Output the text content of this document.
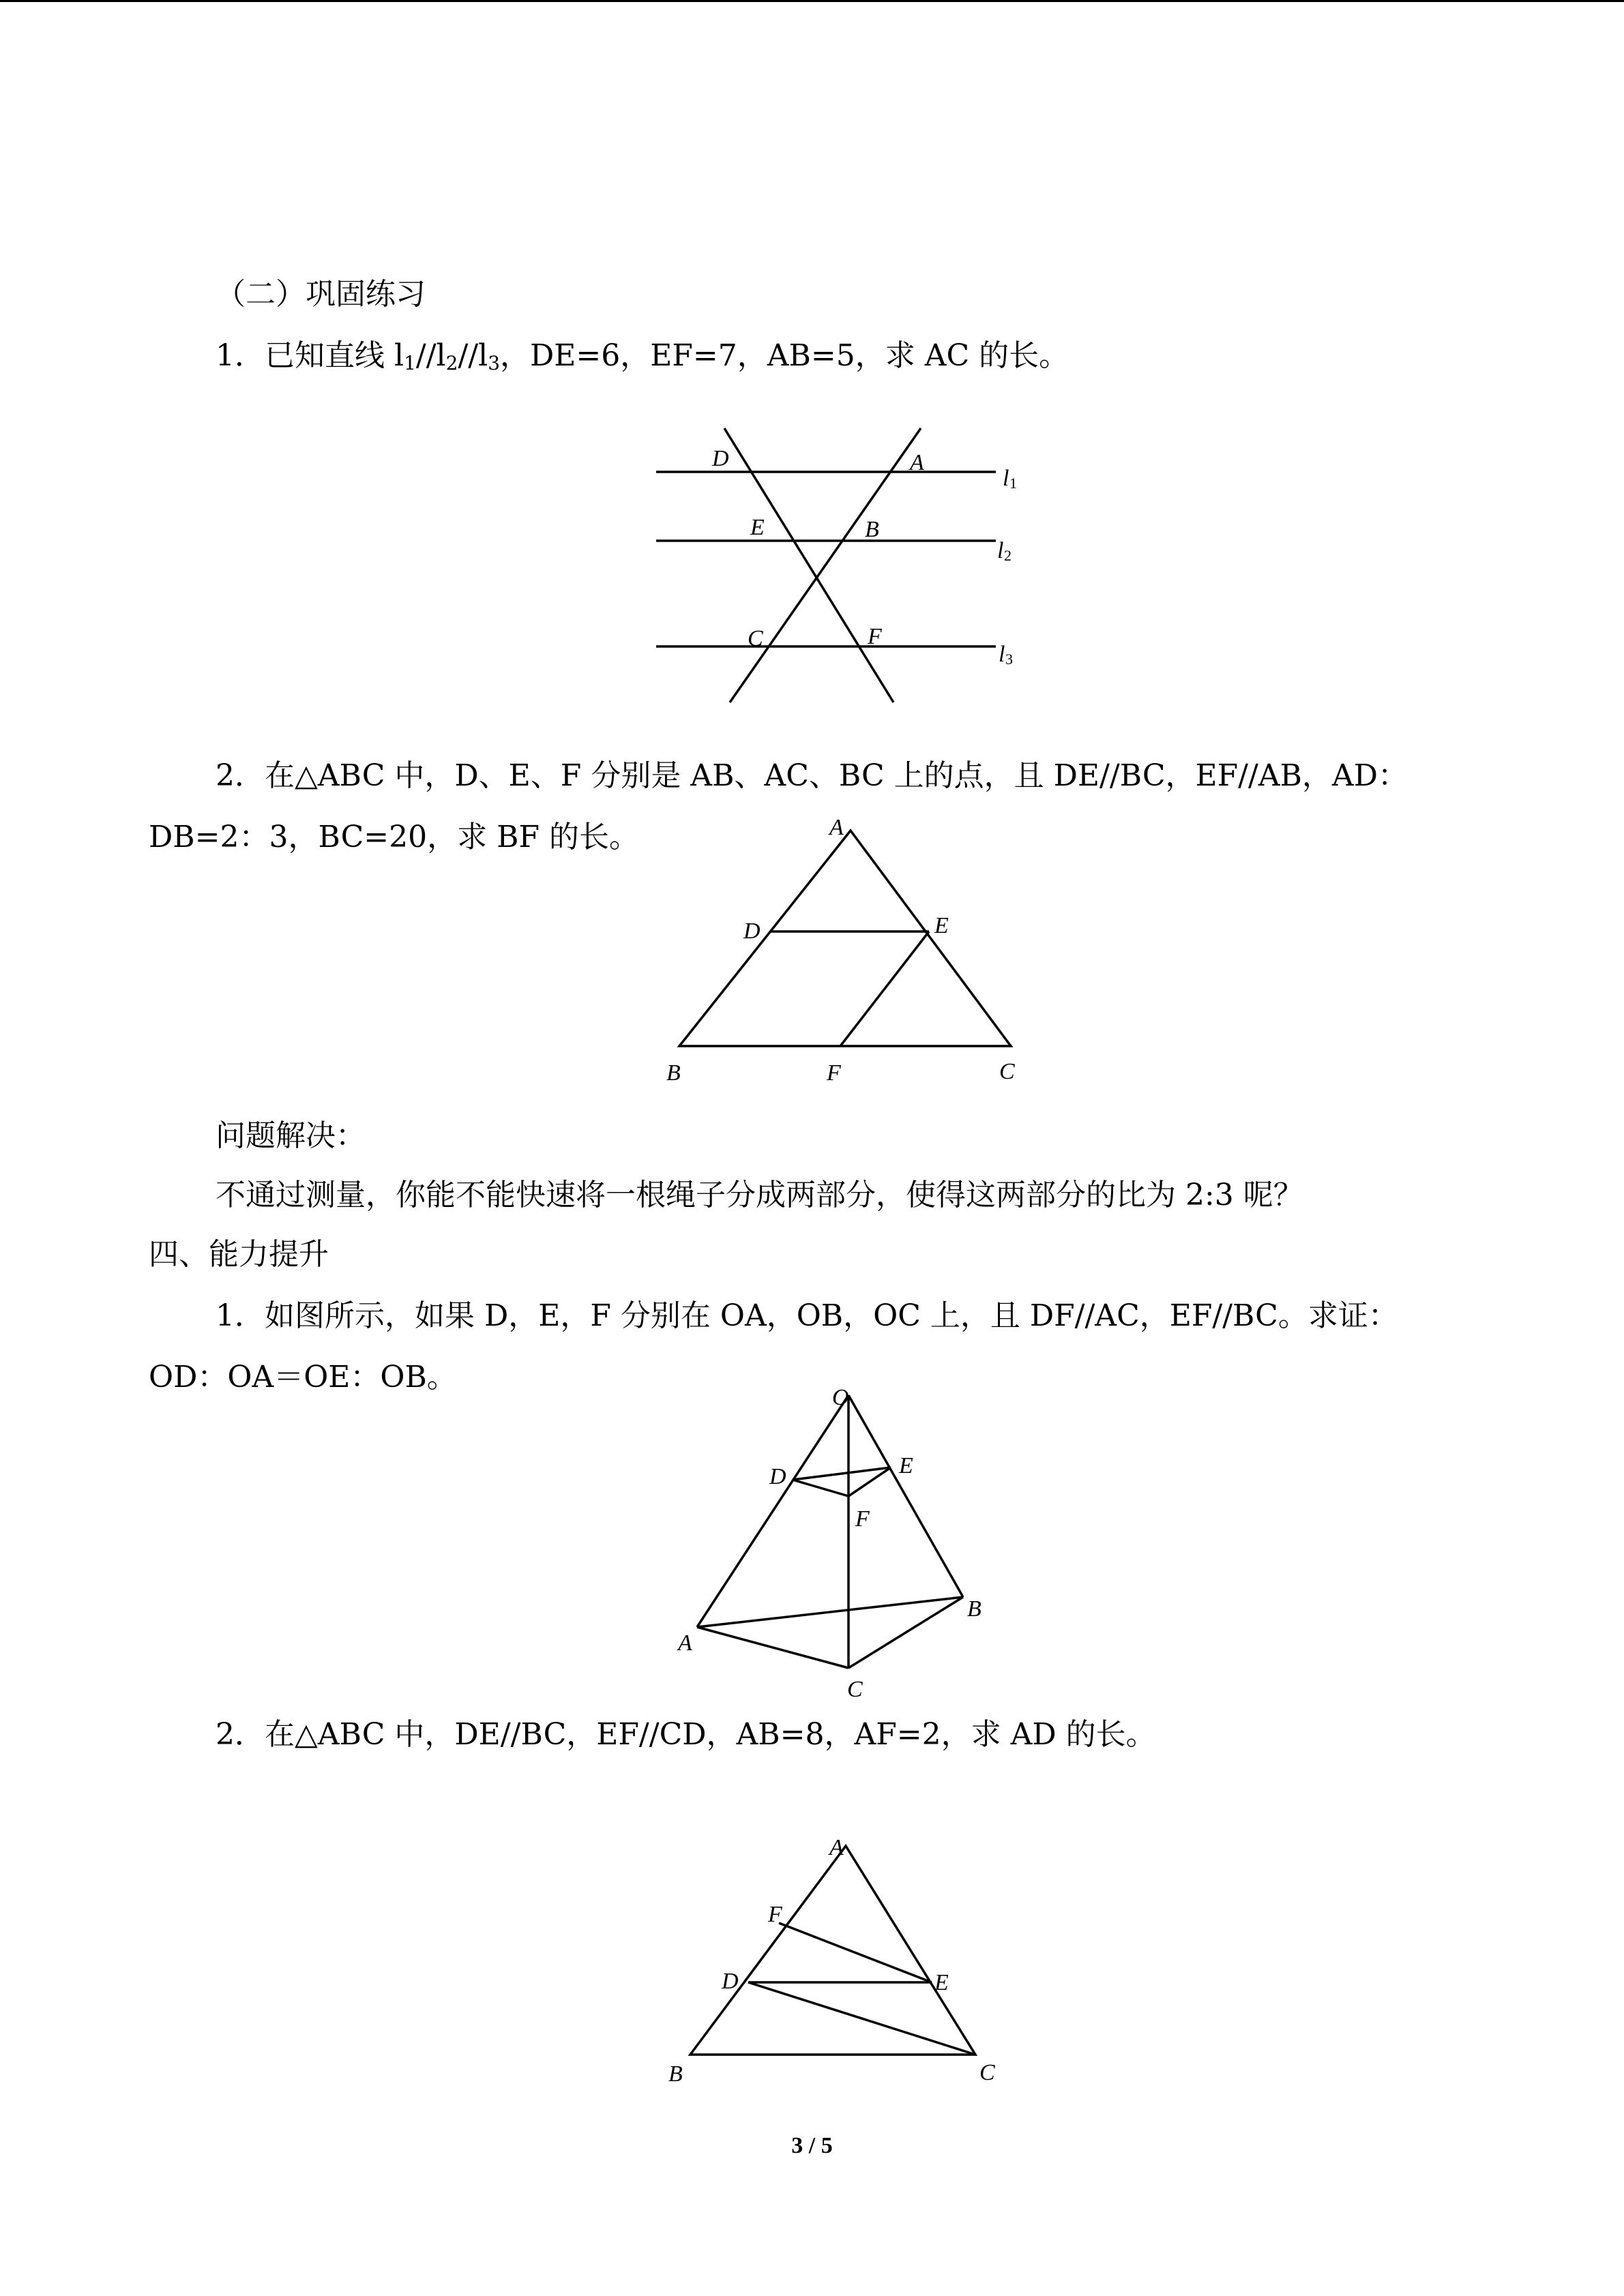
（二）巩固练习
1．已知直线 $l_1//l_2//l_3$，DE=6，EF=7，AB=5，求 AC 的长。
D	A
E	B
C	F
l 1
l 2
l 3
2．在△ABC 中，D、E、F 分别是 AB、AC、BC 上的点，且 DE//BC，EF//AB，AD：
DB=2：3，BC=20，求 BF 的长。	A
D	E
B	F	C
问题解决：
不通过测量，你能不能快速将一根绳子分成两部分，使得这两部分的比为 2:3 呢？
四、能力提升
1．如图所示，如果 D，E，F 分别在 OA，OB，OC 上，且 DF//AC，EF//BC。求证：
OD：OA＝OE：OB。
O
D	E
F
A
B
C
2．在△ABC 中，DE//BC，EF//CD，AB=8，AF=2，求 AD 的长。
A
F
D	E
B	C
3 / 5
